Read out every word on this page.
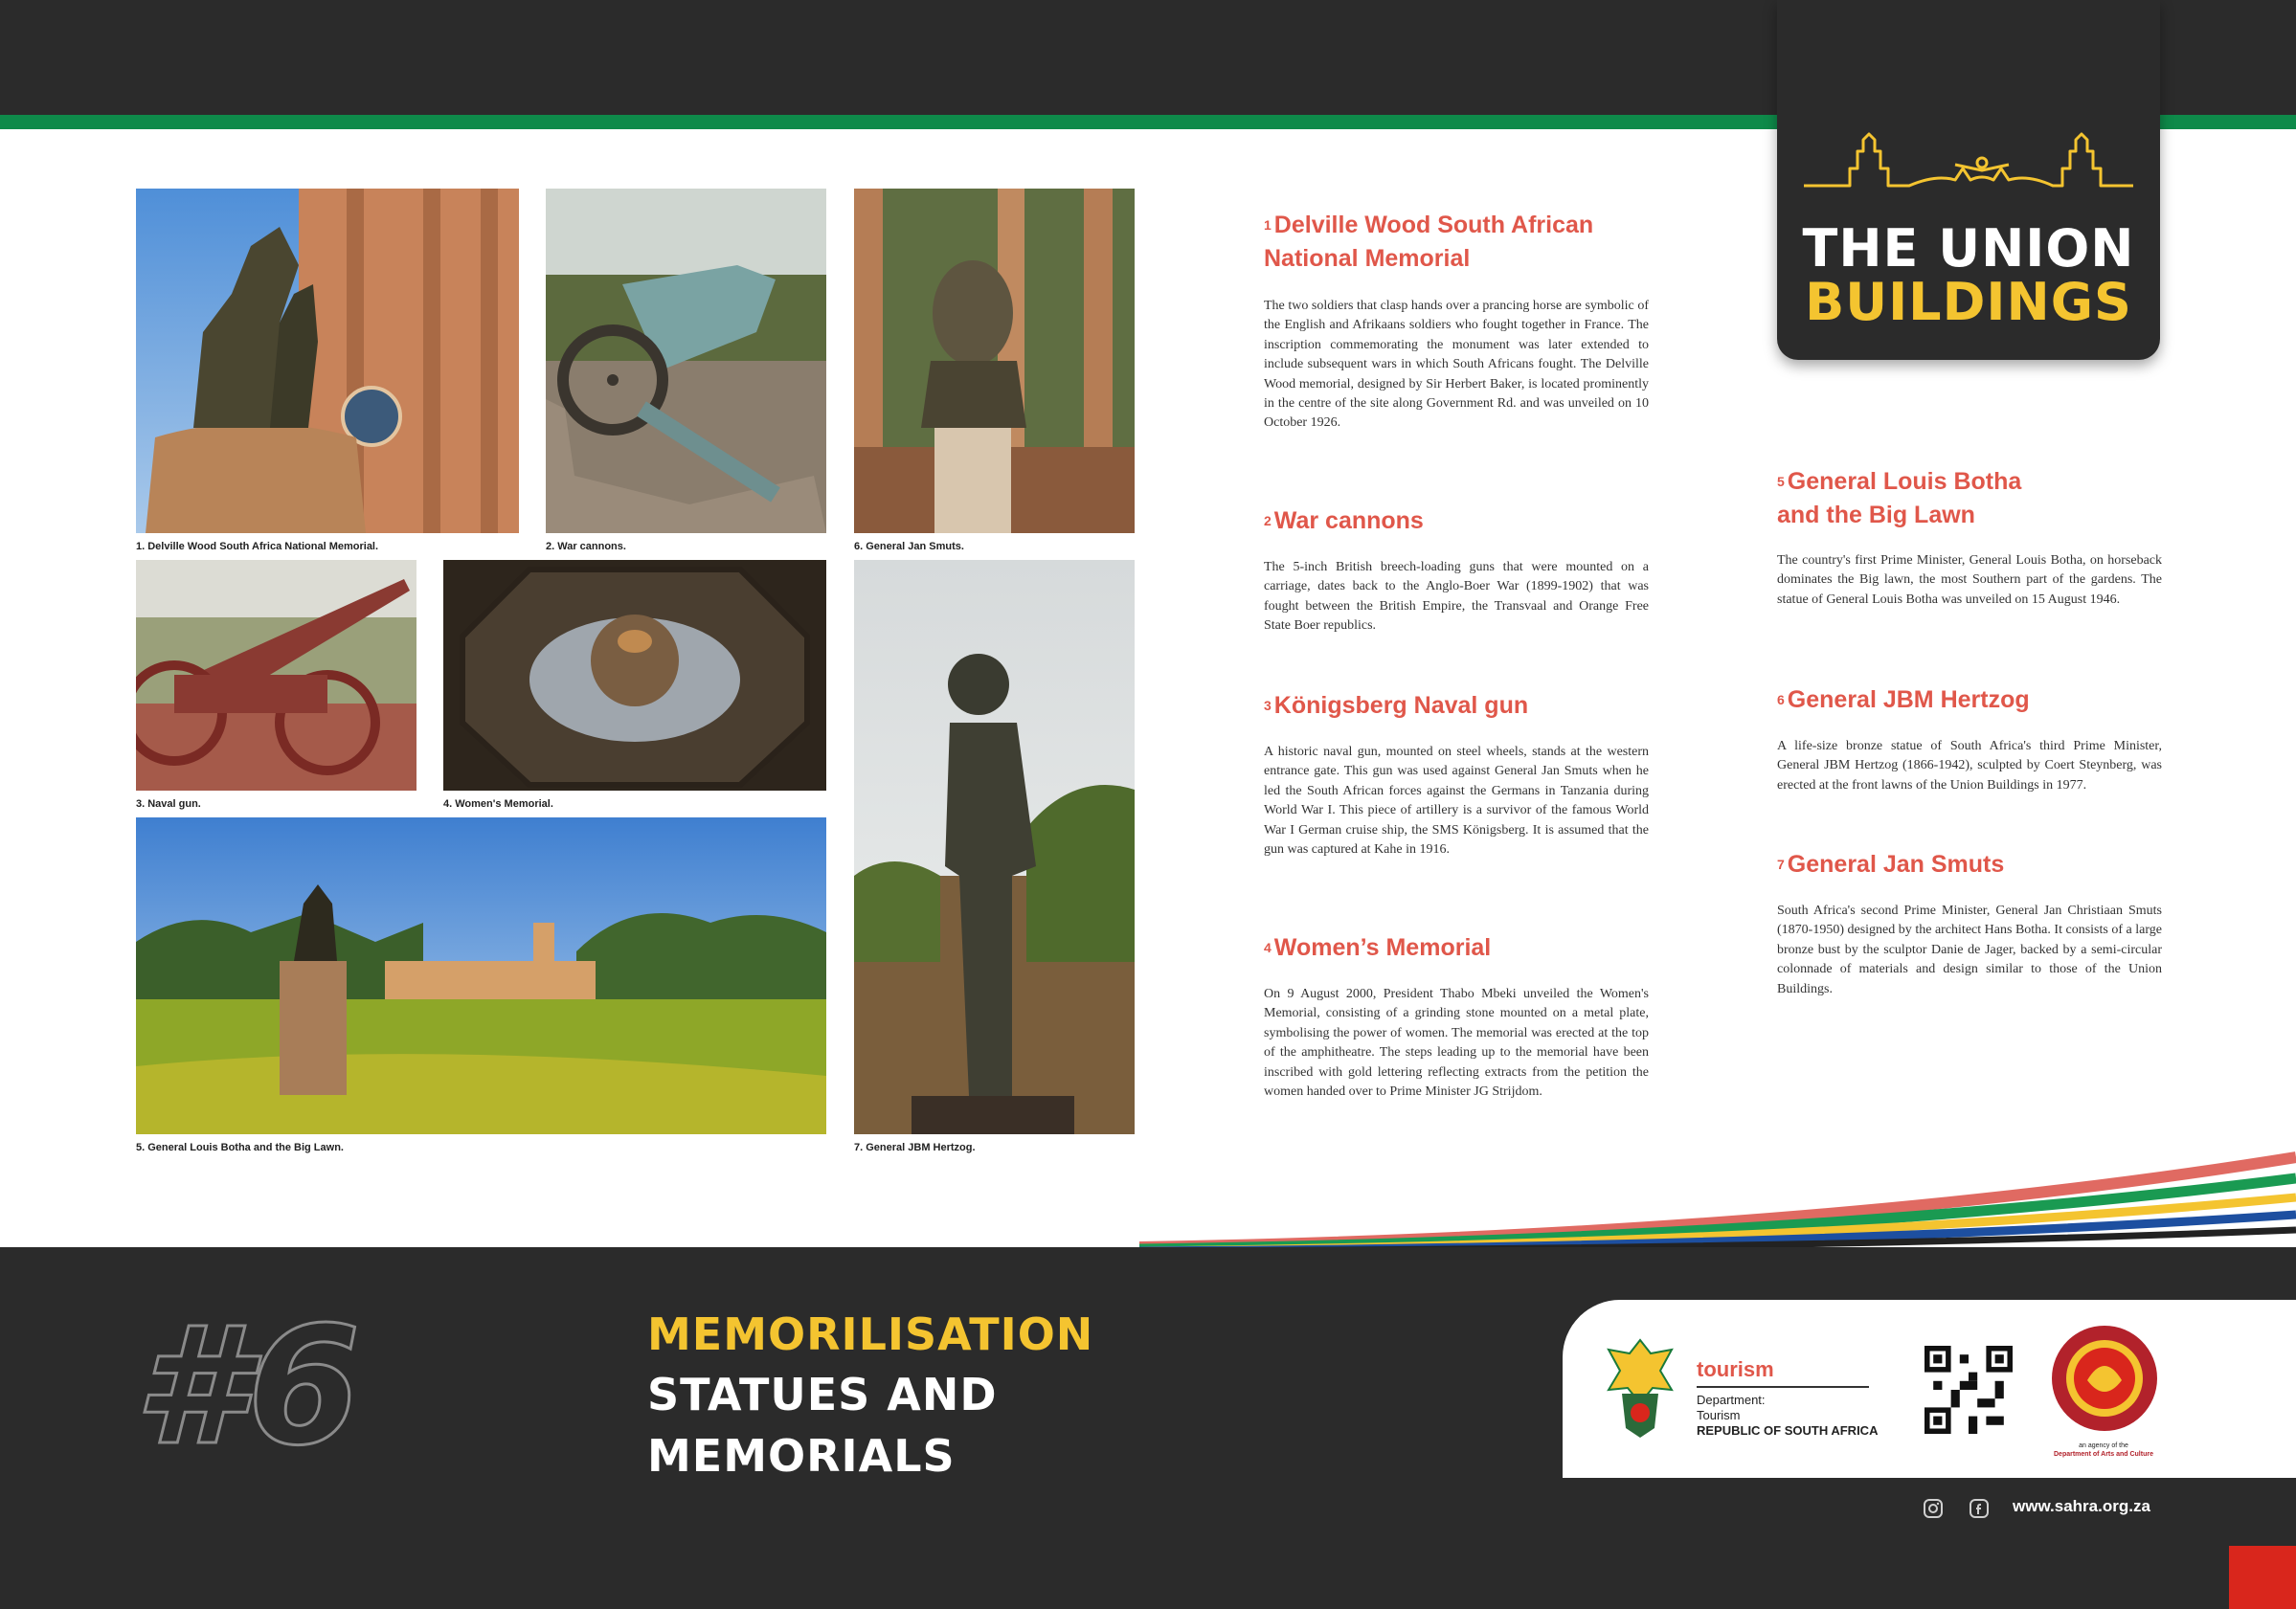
THE UNION
BUILDINGS
1. Delville Wood South Africa National Memorial.	2. War cannons.	6. General Jan Smuts.
3. Naval gun.	4. Women's Memorial.
7. General JBM Hertzog.
5. General Louis Botha and the Big Lawn.
$^1$ Delville Wood South African
National Memorial
The two soldiers that clasp hands over a prancing horse are symbolic of the English and Afrikaans soldiers who fought together in France. The inscription commemorating the monument was later extended to include subsequent wars in which South Africans fought. The Delville Wood memorial, designed by Sir Herbert Baker, is located prominently in the centre of the site along Government Rd. and was unveiled on 10 October 1926.
$^2$ War cannons
The 5-inch British breech-loading guns that were mounted on a carriage, dates back to the Anglo-Boer War (1899-1902) that was fought between the British Empire, the Transvaal and Orange Free State Boer republics.
$^3$ Königsberg Naval gun
A historic naval gun, mounted on steel wheels, stands at the western entrance gate. This gun was used against General Jan Smuts when he led the South African forces against the Germans in Tanzania during World War I. This piece of artillery is a survivor of the famous World War I German cruise ship, the SMS Königsberg. It is assumed that the gun was captured at Kahe in 1916.
$^4$ Women’s Memorial
On 9 August 2000, President Thabo Mbeki unveiled the Women's Memorial, consisting of a grinding stone mounted on a metal plate, symbolising the power of women. The memorial was erected at the top of the amphitheatre. The steps leading up to the memorial have been inscribed with gold lettering reflecting extracts from the petition the women handed over to Prime Minister JG Strijdom.
$^5$ General Louis Botha
and the Big Lawn
The country's first Prime Minister, General Louis Botha, on horseback dominates the Big lawn, the most Southern part of the gardens. The statue of General Louis Botha was unveiled on 15 August 1946.
$^6$ General JBM Hertzog
A life-size bronze statue of South Africa's third Prime Minister, General JBM Hertzog (1866-1942), sculpted by Coert Steynberg, was erected at the front lawns of the Union Buildings in 1977.
$^7$ General Jan Smuts
South Africa's second Prime Minister, General Jan Christiaan Smuts (1870-1950) designed by the architect Hans Botha. It consists of a large bronze bust by the sculptor Danie de Jager, backed by a semi-circular colonnade of materials and design similar to those of the Union Buildings.
#6	MEMORILISATION
STATUES AND
MEMORIALS
tourism
Department:
Tourism
REPUBLIC OF SOUTH AFRICA
an agency of the
Department of Arts and Culture
www.sahra.org.za
